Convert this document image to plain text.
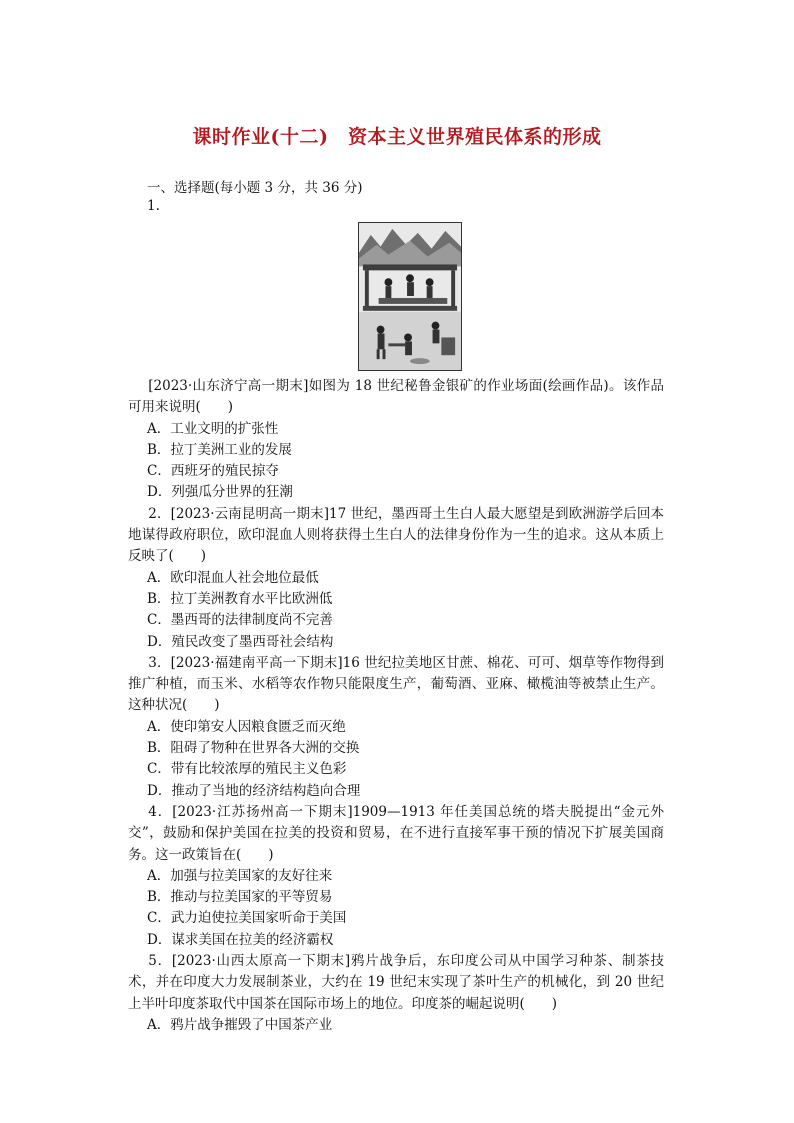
课时作业(十二)　资本主义世界殖民体系的形成
一、选择题(每小题 3 分，共 36 分)
1.

[2023·山东济宁高一期末]如图为 18 世纪秘鲁金银矿的作业场面(绘画作品)。该作品可用来说明(　　)

A．工业文明的扩张性

B．拉丁美洲工业的发展

C．西班牙的殖民掠夺

D．列强瓜分世界的狂潮

2．[2023·云南昆明高一期末]17 世纪，墨西哥土生白人最大愿望是到欧洲游学后回本地谋得政府职位，欧印混血人则将获得土生白人的法律身份作为一生的追求。这从本质上反映了(　　)

A．欧印混血人社会地位最低

B．拉丁美洲教育水平比欧洲低

C．墨西哥的法律制度尚不完善

D．殖民改变了墨西哥社会结构

3．[2023·福建南平高一下期末]16 世纪拉美地区甘蔗、棉花、可可、烟草等作物得到推广种植，而玉米、水稻等农作物只能限度生产，葡萄酒、亚麻、橄榄油等被禁止生产。这种状况(　　)

A．使印第安人因粮食匮乏而灭绝

B．阻碍了物种在世界各大洲的交换

C．带有比较浓厚的殖民主义色彩

D．推动了当地的经济结构趋向合理

4．[2023·江苏扬州高一下期末]1909—1913 年任美国总统的塔夫脱提出“金元外交”，鼓励和保护美国在拉美的投资和贸易，在不进行直接军事干预的情况下扩展美国商务。这一政策旨在(　　)

A．加强与拉美国家的友好往来

B．推动与拉美国家的平等贸易

C．武力迫使拉美国家听命于美国

D．谋求美国在拉美的经济霸权

5．[2023·山西太原高一下期末]鸦片战争后，东印度公司从中国学习种茶、制茶技术，并在印度大力发展制茶业，大约在 19 世纪末实现了茶叶生产的机械化，到 20 世纪上半叶印度茶取代中国茶在国际市场上的地位。印度茶的崛起说明(　　)

A．鸦片战争摧毁了中国茶产业
